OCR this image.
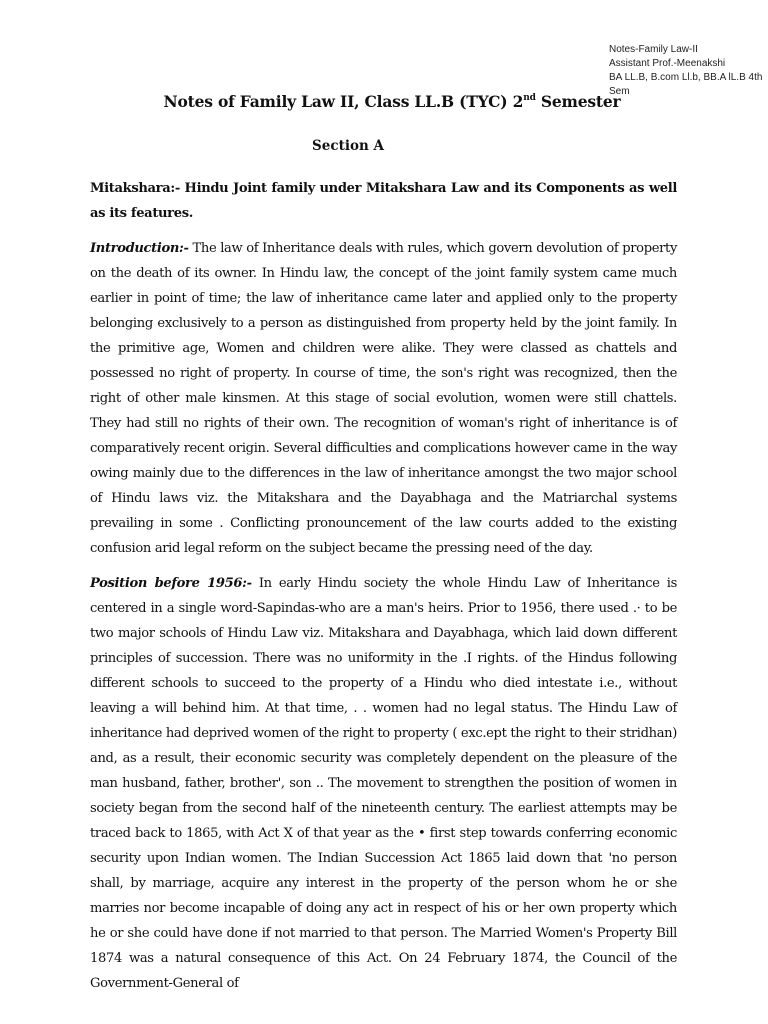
Notes-Family Law-II
Assistant Prof.-Meenakshi
BA LL.B, B.com Ll.b, BB.A lL.B 4th
Sem
Notes of Family Law II, Class LL.B (TYC) 2nd Semester
Section A

Mitakshara:- Hindu Joint family under Mitakshara Law and its Components as well as its features.

Introduction:- The law of Inheritance deals with rules, which govern devolution of property on the death of its owner. In Hindu law, the concept of the joint family system came much earlier in point of time; the law of inheritance came later and applied only to the property belonging exclusively to a person as distinguished from property held by the joint family. In the primitive age, Women and children were alike. They were classed as chattels and possessed no right of property. In course of time, the son's right was recognized, then the right of other male kinsmen. At this stage of social evolution, women were still chattels. They had still no rights of their own. The recognition of woman's right of inheritance is of comparatively recent origin. Several difficulties and complications however came in the way owing mainly due to the differences in the law of inheritance amongst the two major school of Hindu laws viz. the Mitakshara and the Dayabhaga and the Matriarchal systems prevailing in some . Conflicting pronouncement of the law courts added to the existing confusion arid legal reform on the subject became the pressing need of the day.

Position before 1956:- In early Hindu society the whole Hindu Law of Inheritance is centered in a single word-Sapindas-who are a man's heirs. Prior to 1956, there used .· to be two major schools of Hindu Law viz. Mitakshara and Dayabhaga, which laid down different principles of succession. There was no uniformity in the .I rights. of the Hindus following different schools to succeed to the property of a Hindu who died intestate i.e., without leaving a will behind him. At that time, . . women had no legal status. The Hindu Law of inheritance had deprived women of the right to property ( exc.ept the right to their stridhan) and, as a result, their economic security was completely dependent on the pleasure of the man husband, father, brother', son .. The movement to strengthen the position of women in society began from the second half of the nineteenth century. The earliest attempts may be traced back to 1865, with Act X of that year as the • first step towards conferring economic security upon Indian women. The Indian Succession Act 1865 laid down that 'no person shall, by marriage, acquire any interest in the property of the person whom he or she marries nor become incapable of doing any act in respect of his or her own property which he or she could have done if not married to that person. The Married Women's Property Bill 1874 was a natural consequence of this Act. On 24 February 1874, the Council of the Government-General of
